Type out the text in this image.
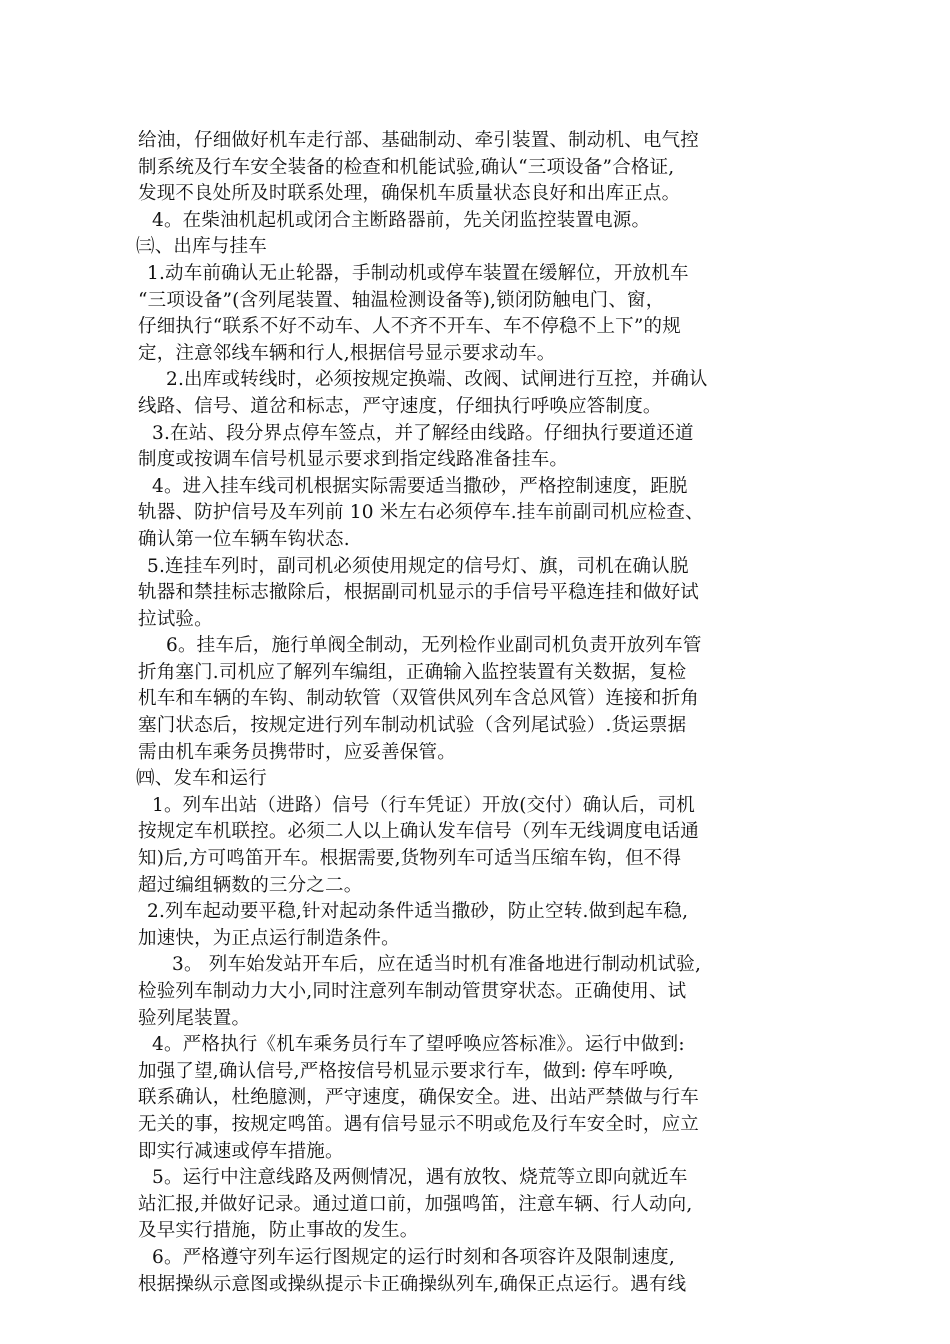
给油，仔细做好机车走行部、基础制动、牵引装置、制动机、电气控
制系统及行车安全装备的检查和机能试验,确认“三项设备”合格证,
发现不良处所及时联系处理，确保机车质量状态良好和出库正点。
4。在柴油机起机或闭合主断路器前，先关闭监控装置电源。
㈢、出库与挂车
1.动车前确认无止轮器，手制动机或停车装置在缓解位，开放机车
“三项设备”(含列尾装置、轴温检测设备等),锁闭防触电门、窗，
仔细执行“联系不好不动车、人不齐不开车、车不停稳不上下”的规
定，注意邻线车辆和行人,根据信号显示要求动车。
2.出库或转线时，必须按规定换端、改阀、试闸进行互控，并确认
线路、信号、道岔和标志，严守速度，仔细执行呼唤应答制度。
3.在站、段分界点停车签点，并了解经由线路。仔细执行要道还道
制度或按调车信号机显示要求到指定线路准备挂车。
4。进入挂车线司机根据实际需要适当撒砂，严格控制速度，距脱
轨器、防护信号及车列前 10 米左右必须停车.挂车前副司机应检查、
确认第一位车辆车钩状态.
5.连挂车列时，副司机必须使用规定的信号灯、旗，司机在确认脱
轨器和禁挂标志撤除后，根据副司机显示的手信号平稳连挂和做好试
拉试验。
6。挂车后，施行单阀全制动，无列检作业副司机负责开放列车管
折角塞门.司机应了解列车编组，正确输入监控装置有关数据，复检
机车和车辆的车钩、制动软管（双管供风列车含总风管）连接和折角
塞门状态后，按规定进行列车制动机试验（含列尾试验）.货运票据
需由机车乘务员携带时，应妥善保管。
㈣、发车和运行
1。列车出站（进路）信号（行车凭证）开放(交付）确认后，司机
按规定车机联控。必须二人以上确认发车信号（列车无线调度电话通
知)后,方可鸣笛开车。根据需要,货物列车可适当压缩车钩，但不得
超过编组辆数的三分之二。
2.列车起动要平稳,针对起动条件适当撒砂，防止空转.做到起车稳,
加速快，为正点运行制造条件。
3。 列车始发站开车后，应在适当时机有准备地进行制动机试验,
检验列车制动力大小,同时注意列车制动管贯穿状态。正确使用、试
验列尾装置。
4。严格执行《机车乘务员行车了望呼唤应答标准》。运行中做到:
加强了望,确认信号,严格按信号机显示要求行车，做到: 停车呼唤,
联系确认，杜绝臆测，严守速度，确保安全。进、出站严禁做与行车
无关的事，按规定鸣笛。遇有信号显示不明或危及行车安全时，应立
即实行减速或停车措施。
5。运行中注意线路及两侧情况，遇有放牧、烧荒等立即向就近车
站汇报,并做好记录。通过道口前，加强鸣笛，注意车辆、行人动向,
及早实行措施，防止事故的发生。
6。严格遵守列车运行图规定的运行时刻和各项容许及限制速度,
根据操纵示意图或操纵提示卡正确操纵列车,确保正点运行。遇有线
